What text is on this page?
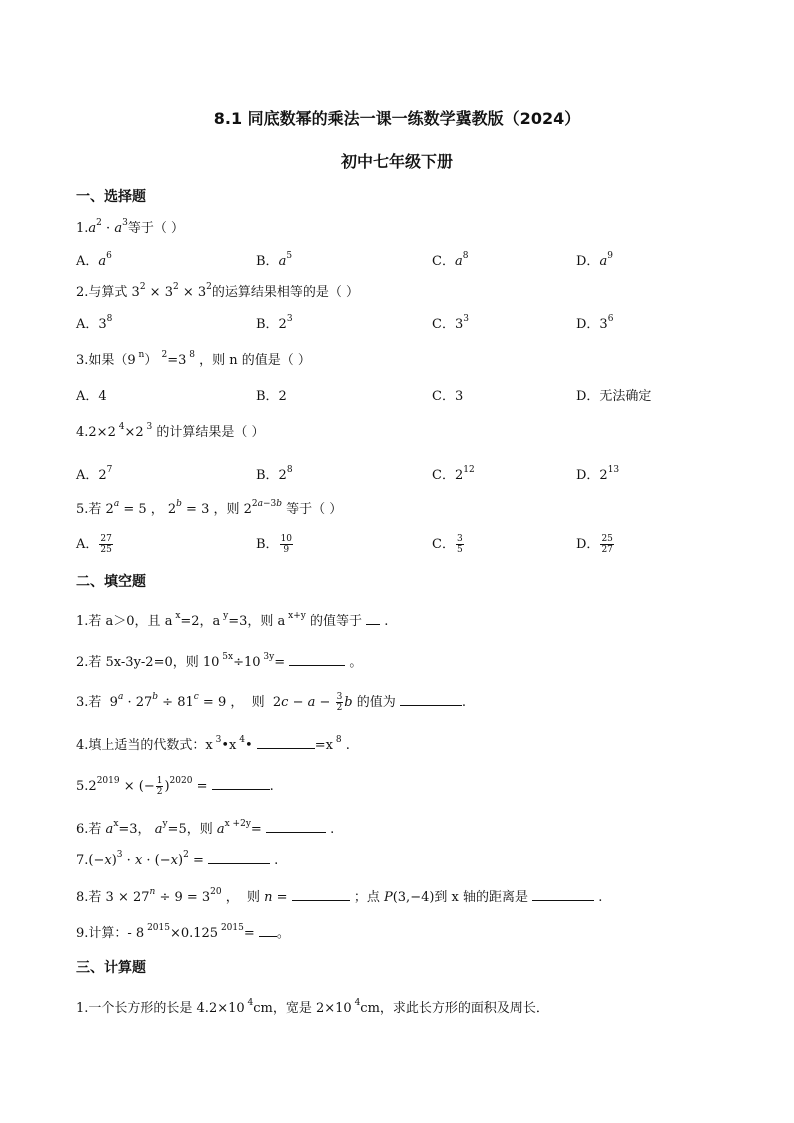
8.1 同底数幂的乘法一课一练数学冀教版（2024）
初中七年级下册
一、选择题
$1.a^2 \cdot a^3$等于（ ）
A．$a^6$	B．$a^5$	C．$a^8$	D．$a^9$
2.与算式 $3^2 \times 3^2 \times 3^2$的运算结果相等的是（ ）
A．$3^8$	B．$2^3$	C．$3^3$	D．$3^6$
3.如果（9 $^n$） $^2$=3 $^8$ ，则 n 的值是（ ）
A．4	B．2	C．3	D．无法确定
4.2×2 $^4$×2 $^3$ 的计算结果是（ ）
A．$2^7$	B．$2^8$	C．$2^{12}$	D．$2^{13}$
5.若 $2^a = 5$ ， $2^b = 3$ ，则 $2^{2a-3b}$ 等于（ ）
A． $\frac{27}{25}$	B． $\frac{10}{9}$	C． $\frac{3}{5}$	D． $\frac{25}{27}$
二、填空题
1.若 a＞0，且 a $^x$=2，a $^y$=3，则 a $^{x+y}$ 的值等于  .
2.若 5x-3y-2=0，则 10 $^{5x}$÷10 $^{3y}$=	。
3.若  $9^a \cdot 27^b \div 81^c = 9$ ，  则  $2c - a - \frac{3}{2}$ b 的值为	.
4.填上适当的代数式：x $^3$•x $^4$•	=x $^8$ .
$5.2^{2019}$ × (− $\frac{1}{2} )^{2020}$ =	.
6.若 $a^x=3$， $a^y=5$，则 $a^{x +2y}=$	.
$7.(-x)^3 \cdot x \cdot (-x)^2$ =	.
8.若 $3 \times 27^n \div 9 = 3^{20}$ ，  则 n =	；点 P(3,−4)到 x 轴的距离是	.
9.计算：- 8 $^{2015}$×0.125 $^{2015}$= 。
三、计算题
1.一个长方形的长是 4.2×10 $^4$cm，宽是 2×10 $^4$cm，求此长方形的面积及周长．
